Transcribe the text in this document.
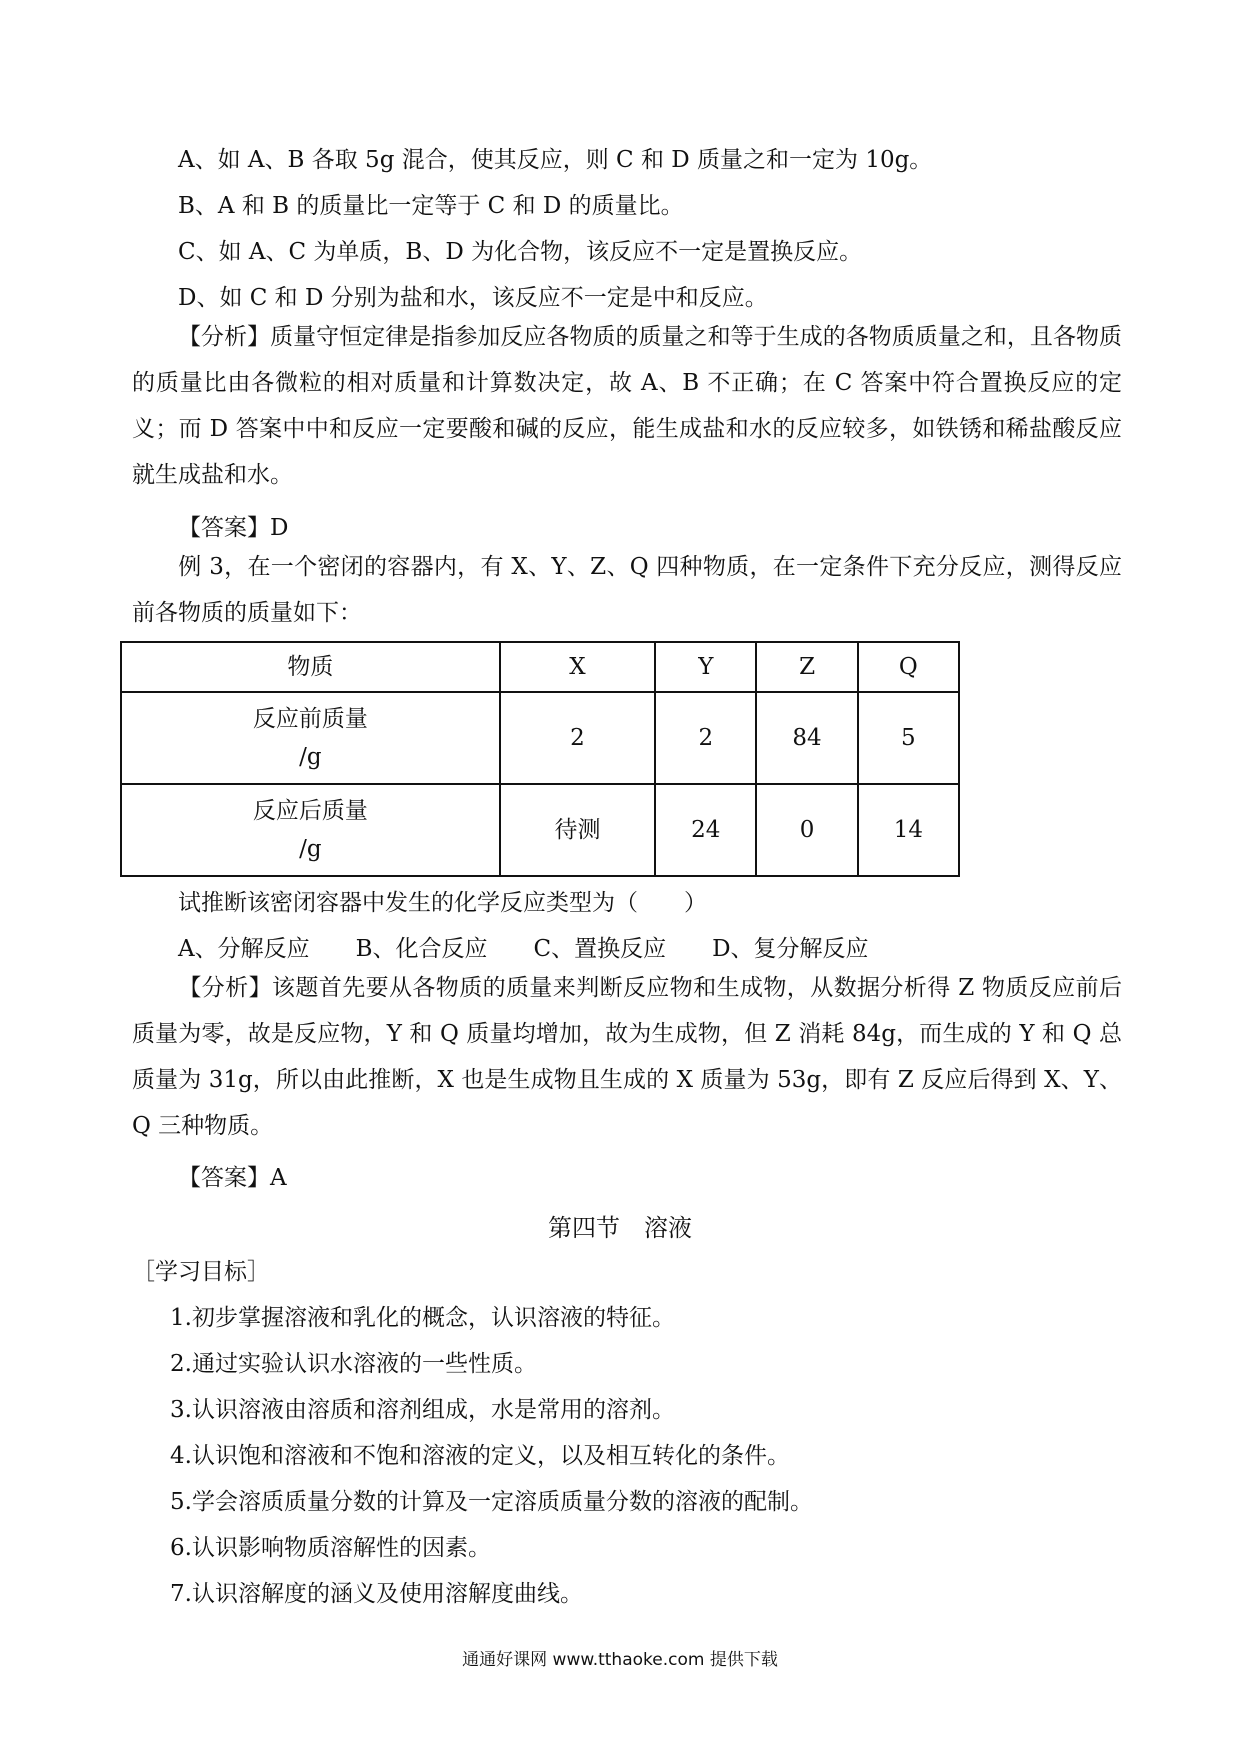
A、如 A、B 各取 5g 混合，使其反应，则 C 和 D 质量之和一定为 10g。
B、A 和 B 的质量比一定等于 C 和 D 的质量比。
C、如 A、C 为单质，B、D 为化合物，该反应不一定是置换反应。
D、如 C 和 D 分别为盐和水，该反应不一定是中和反应。
【分析】质量守恒定律是指参加反应各物质的质量之和等于生成的各物质质量之和，且各物质的质量比由各微粒的相对质量和计算数决定，故 A、B 不正确；在 C 答案中符合置换反应的定义；而 D 答案中中和反应一定要酸和碱的反应，能生成盐和水的反应较多，如铁锈和稀盐酸反应就生成盐和水。
【答案】D
例 3，在一个密闭的容器内，有 X、Y、Z、Q 四种物质，在一定条件下充分反应，测得反应前各物质的质量如下：
物质	X	Y	Z	Q

反应前质量
/g	2	2	84	5

反应后质量
/g	待测	24	0	14
试推断该密闭容器中发生的化学反应类型为（　　）
A、分解反应　　B、化合反应　　C、置换反应　　D、复分解反应
【分析】该题首先要从各物质的质量来判断反应物和生成物，从数据分析得 Z 物质反应前后质量为零，故是反应物，Y 和 Q 质量均增加，故为生成物，但 Z 消耗 84g，而生成的 Y 和 Q 总质量为 31g，所以由此推断，X 也是生成物且生成的 X 质量为 53g，即有 Z 反应后得到 X、Y、Q 三种物质。
【答案】A
第四节　溶液
［学习目标］
1.初步掌握溶液和乳化的概念，认识溶液的特征。
2.通过实验认识水溶液的一些性质。
3.认识溶液由溶质和溶剂组成，水是常用的溶剂。
4.认识饱和溶液和不饱和溶液的定义，以及相互转化的条件。
5.学会溶质质量分数的计算及一定溶质质量分数的溶液的配制。
6.认识影响物质溶解性的因素。
7.认识溶解度的涵义及使用溶解度曲线。
通通好课网 www.tthaoke.com 提供下载
